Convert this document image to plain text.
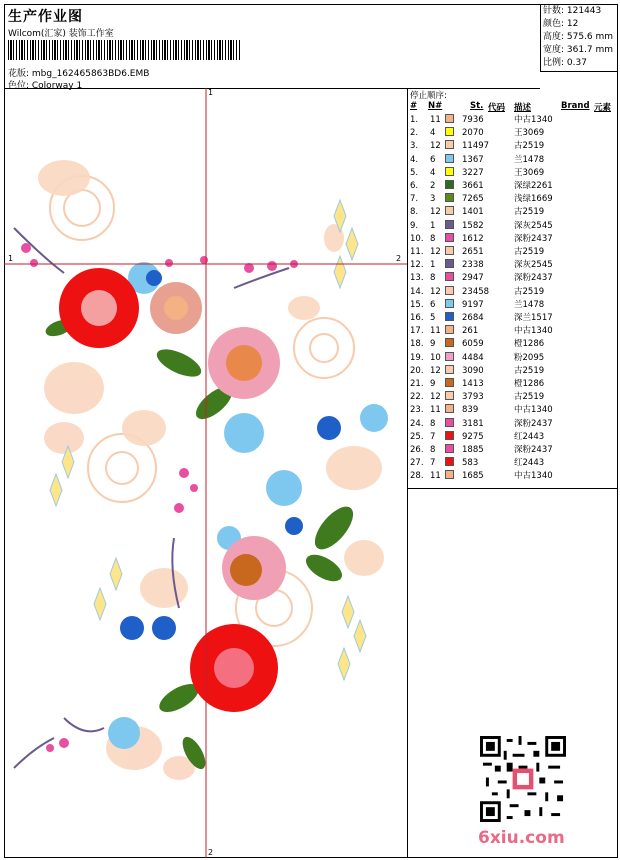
生产作业图
Wilcom(汇家) 装饰工作室
花版: mbg_162465863BD6.EMB
色位: Colorway 1
针数: 121443
颜色: 12
高度: 575.6 mm
宽度: 361.7 mm
比例: 0.37
1
1	2
2
停止顺序:
# N#	St. 代码 描述	Brand 元素
1. 11 7936	中古1340
2. 4	2070	王3069
3. 12 11497	古2519
4. 6	1367	兰1478
5. 4	3227	王3069
6. 2	3661	深绿2261
7. 3	7265	浅绿1669
8. 12 1401	古2519
9. 1	1582	深灰2545
10. 8	1612	深粉2437
11. 12 2651	古2519
12. 1	2338	深灰2545
13. 8	2947	深粉2437
14. 12 23458	古2519
15. 6	9197	兰1478
16. 5	2684	深兰1517
17. 11 261	中古1340
18. 9	6059	橙1286
19. 10 4484	粉2095
20. 12 3090	古2519
21. 9	1413	橙1286
22. 12 3793	古2519
23. 11 839	中古1340
24. 8	3181	深粉2437
25. 7	9275	红2443
26. 8	1885	深粉2437
27. 7	583	红2443
28. 11 1685	中古1340
6xiu.com
